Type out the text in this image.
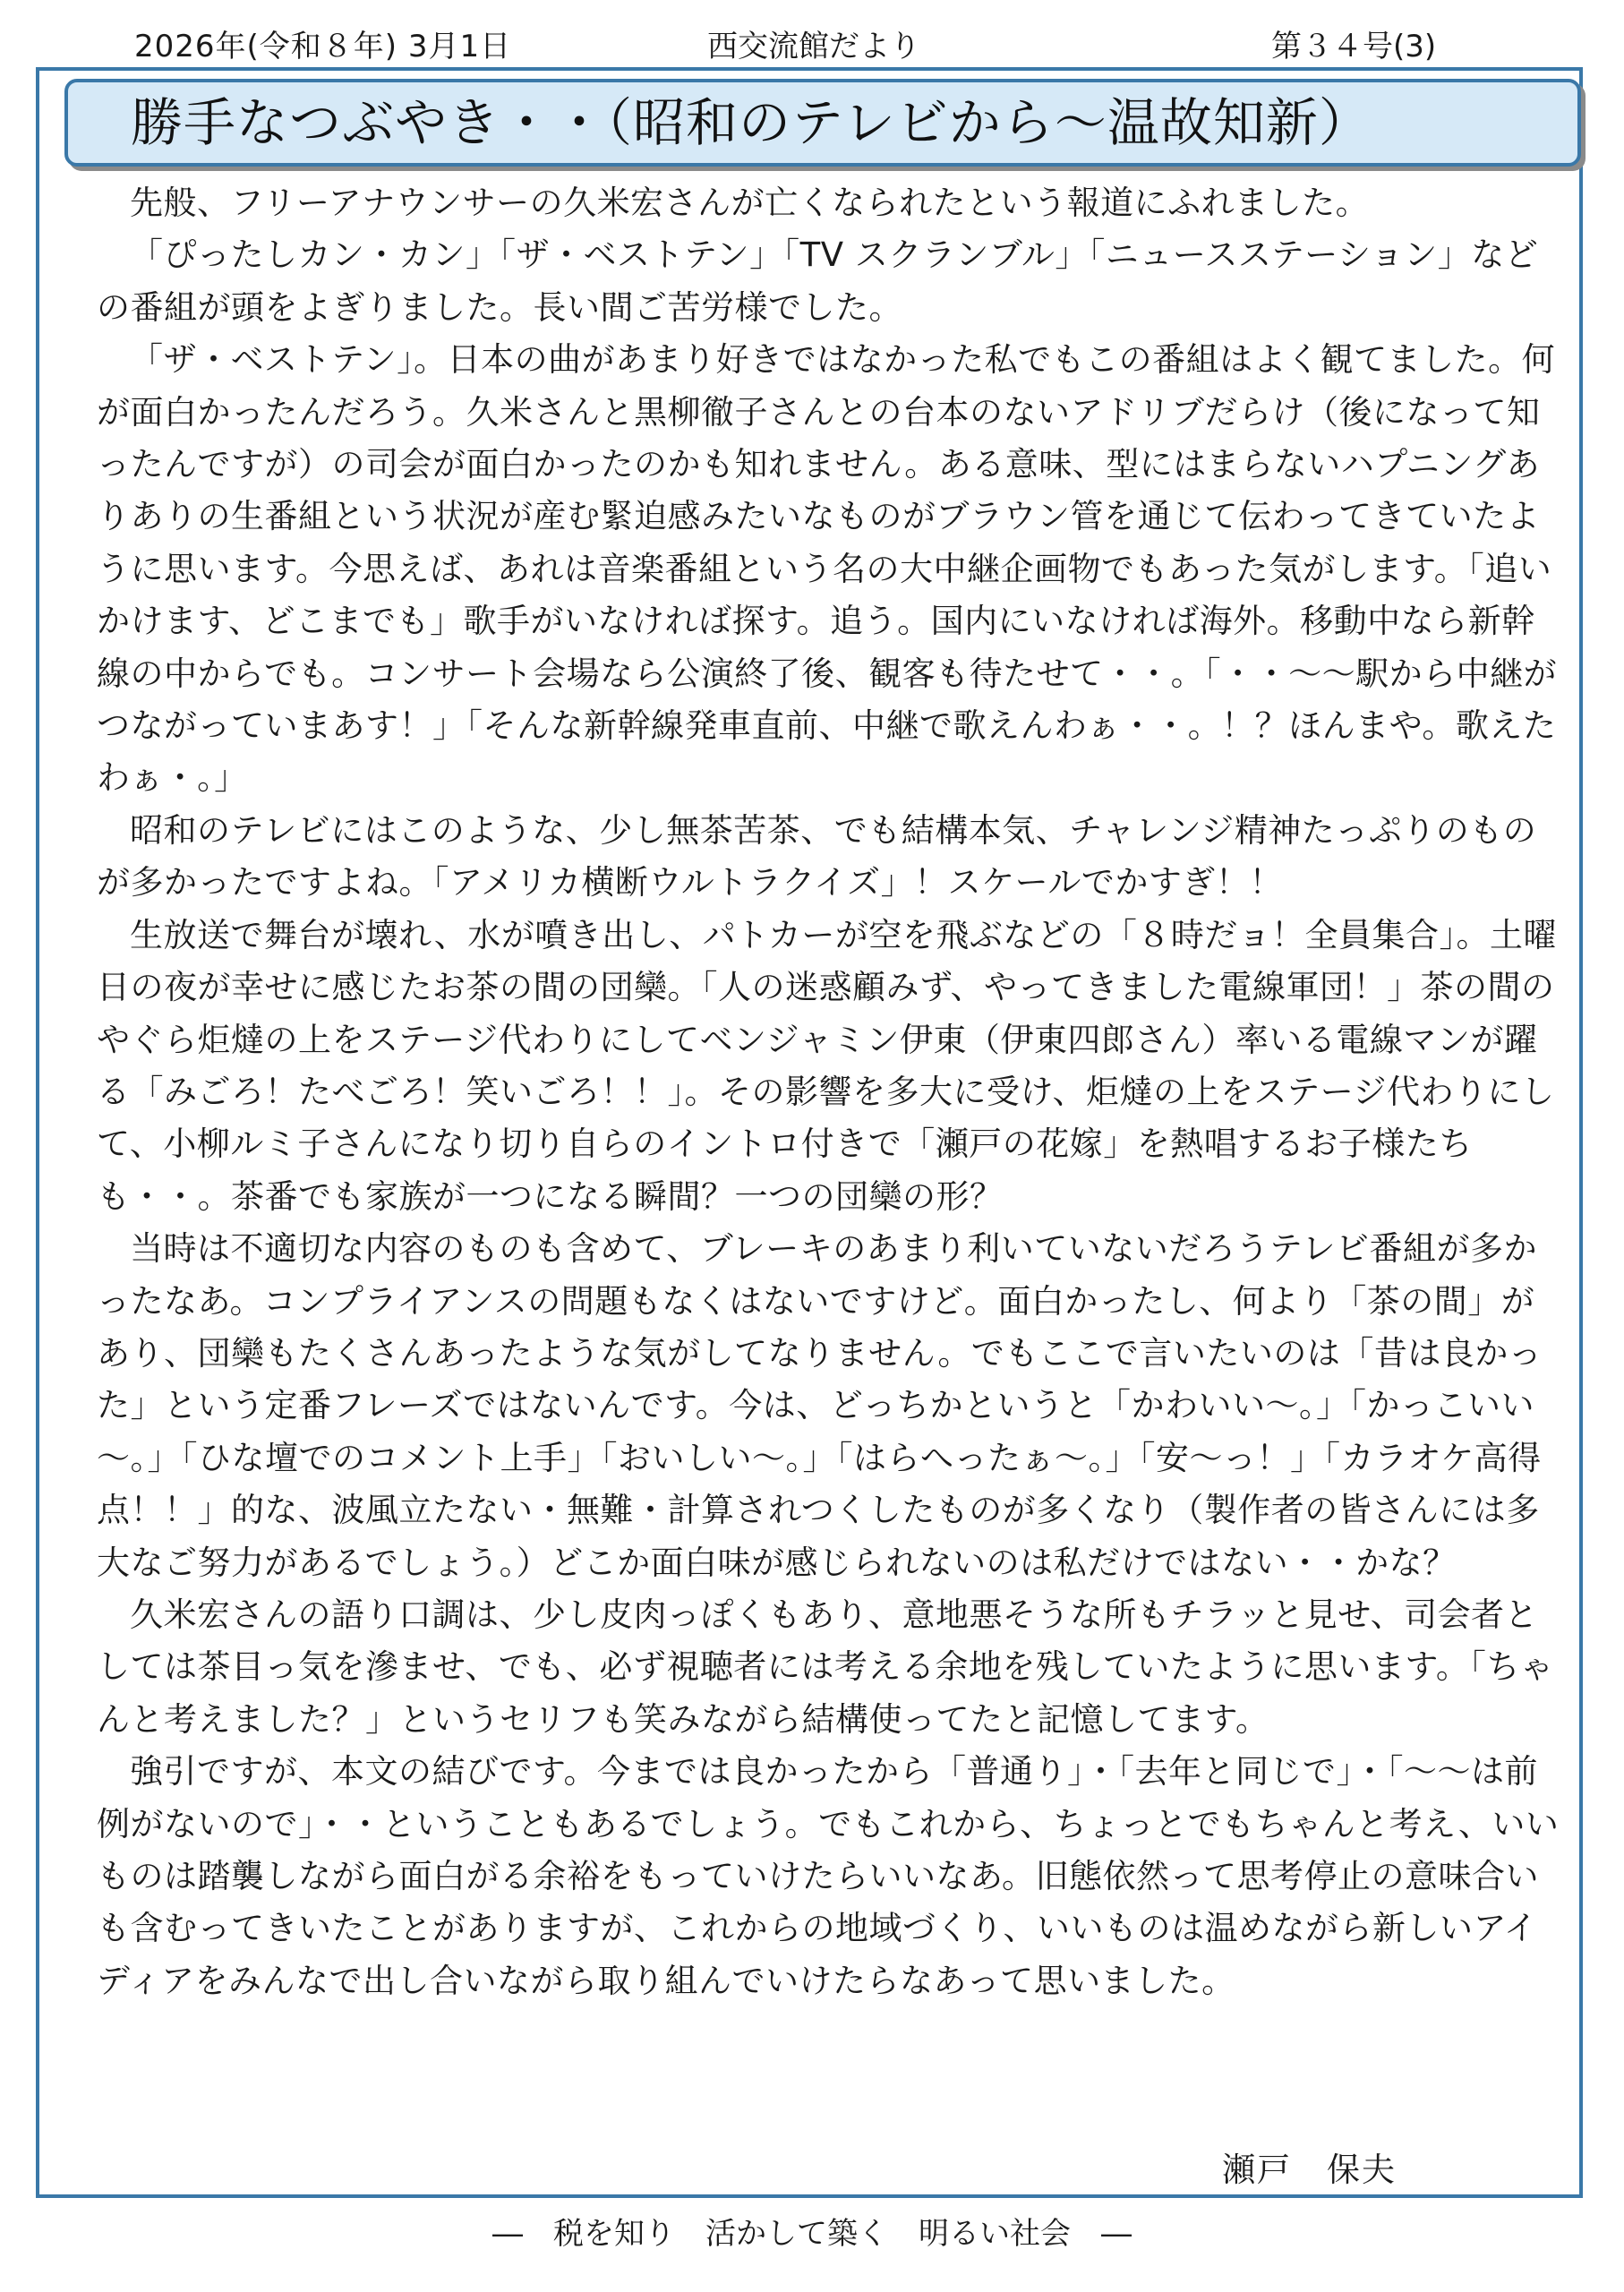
2026年(令和８年) 3月1日	西交流館だより	第３４号(3)
勝手なつぶやき・・（昭和のテレビから～温故知新）

先般、フリーアナウンサーの久米宏さんが亡くなられたという報道にふれました。

「ぴったしカン・カン」「ザ・ベストテン」「TV スクランブル」「ニュースステーション」などの番組が頭をよぎりました。長い間ご苦労様でした。

「ザ・ベストテン」。日本の曲があまり好きではなかった私でもこの番組はよく観てました。何が面白かったんだろう。久米さんと黒柳徹子さんとの台本のないアドリブだらけ（後になって知ったんですが）の司会が面白かったのかも知れません。ある意味、型にはまらないハプニングありありの生番組という状況が産む緊迫感みたいなものがブラウン管を通じて伝わってきていたように思います。今思えば、あれは音楽番組という名の大中継企画物でもあった気がします。「追いかけます、どこまでも」歌手がいなければ探す。追う。国内にいなければ海外。移動中なら新幹線の中からでも。コンサート会場なら公演終了後、観客も待たせて・・。「・・～～駅から中継がつながっていまあす！」「そんな新幹線発車直前、中継で歌えんわぁ・・。！？ほんまや。歌えたわぁ・。」

昭和のテレビにはこのような、少し無茶苦茶、でも結構本気、チャレンジ精神たっぷりのものが多かったですよね。「アメリカ横断ウルトラクイズ」！スケールでかすぎ！！

生放送で舞台が壊れ、水が噴き出し、パトカーが空を飛ぶなどの「８時だョ！全員集合」。土曜日の夜が幸せに感じたお茶の間の団欒。「人の迷惑顧みず、やってきました電線軍団！」茶の間のやぐら炬燵の上をステージ代わりにしてベンジャミン伊東（伊東四郎さん）率いる電線マンが躍る「みごろ！たべごろ！笑いごろ！！」。その影響を多大に受け、炬燵の上をステージ代わりにして、小柳ルミ子さんになり切り自らのイントロ付きで「瀬戸の花嫁」を熱唱するお子様たちも・・。茶番でも家族が一つになる瞬間？一つの団欒の形？

当時は不適切な内容のものも含めて、ブレーキのあまり利いていないだろうテレビ番組が多かったなあ。コンプライアンスの問題もなくはないですけど。面白かったし、何より「茶の間」があり、団欒もたくさんあったような気がしてなりません。でもここで言いたいのは「昔は良かった」という定番フレーズではないんです。今は、どっちかというと「かわいい～。」「かっこいい～。」「ひな壇でのコメント上手」「おいしい～。」「はらへったぁ～。」「安～っ！」「カラオケ高得点！！」的な、波風立たない・無難・計算されつくしたものが多くなり（製作者の皆さんには多大なご努力があるでしょう。）どこか面白味が感じられないのは私だけではない・・かな？

久米宏さんの語り口調は、少し皮肉っぽくもあり、意地悪そうな所もチラッと見せ、司会者としては茶目っ気を滲ませ、でも、必ず視聴者には考える余地を残していたように思います。「ちゃんと考えました？」というセリフも笑みながら結構使ってたと記憶してます。

強引ですが、本文の結びです。今までは良かったから「普通り」・「去年と同じで」・「～～は前例がないので」・・ということもあるでしょう。でもこれから、ちょっとでもちゃんと考え、いいものは踏襲しながら面白がる余裕をもっていけたらいいなあ。旧態依然って思考停止の意味合いも含むってきいたことがありますが、これからの地域づくり、いいものは温めながら新しいアイディアをみんなで出し合いながら取り組んでいけたらなあって思いました。

瀬戸　保夫
―　税を知り　活かして築く　明るい社会　―
